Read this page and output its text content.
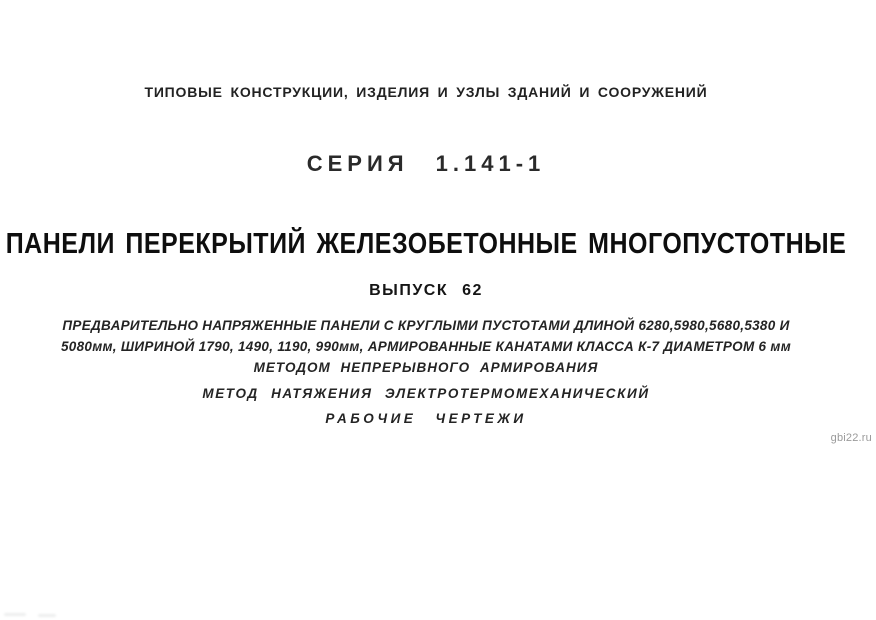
ТИПОВЫЕ КОНСТРУКЦИИ, ИЗДЕЛИЯ И УЗЛЫ ЗДАНИЙ И СООРУЖЕНИЙ
СЕРИЯ 1.141-1
ПАНЕЛИ ПЕРЕКРЫТИЙ ЖЕЛЕЗОБЕТОННЫЕ МНОГОПУСТОТНЫЕ
ВЫПУСК 62
ПРЕДВАРИТЕЛЬНО НАПРЯЖЕННЫЕ ПАНЕЛИ С КРУГЛЫМИ ПУСТОТАМИ ДЛИНОЙ 6280,5980,5680,5380 И
5080мм, ШИРИНОЙ 1790, 1490, 1190, 990мм, АРМИРОВАННЫЕ КАНАТАМИ КЛАССА К-7 ДИАМЕТРОМ 6 мм
МЕТОДОМ НЕПРЕРЫВНОГО АРМИРОВАНИЯ
МЕТОД НАТЯЖЕНИЯ ЭЛЕКТРОТЕРМОМЕХАНИЧЕСКИЙ
РАБОЧИЕ ЧЕРТЕЖИ
gbi22.ru
